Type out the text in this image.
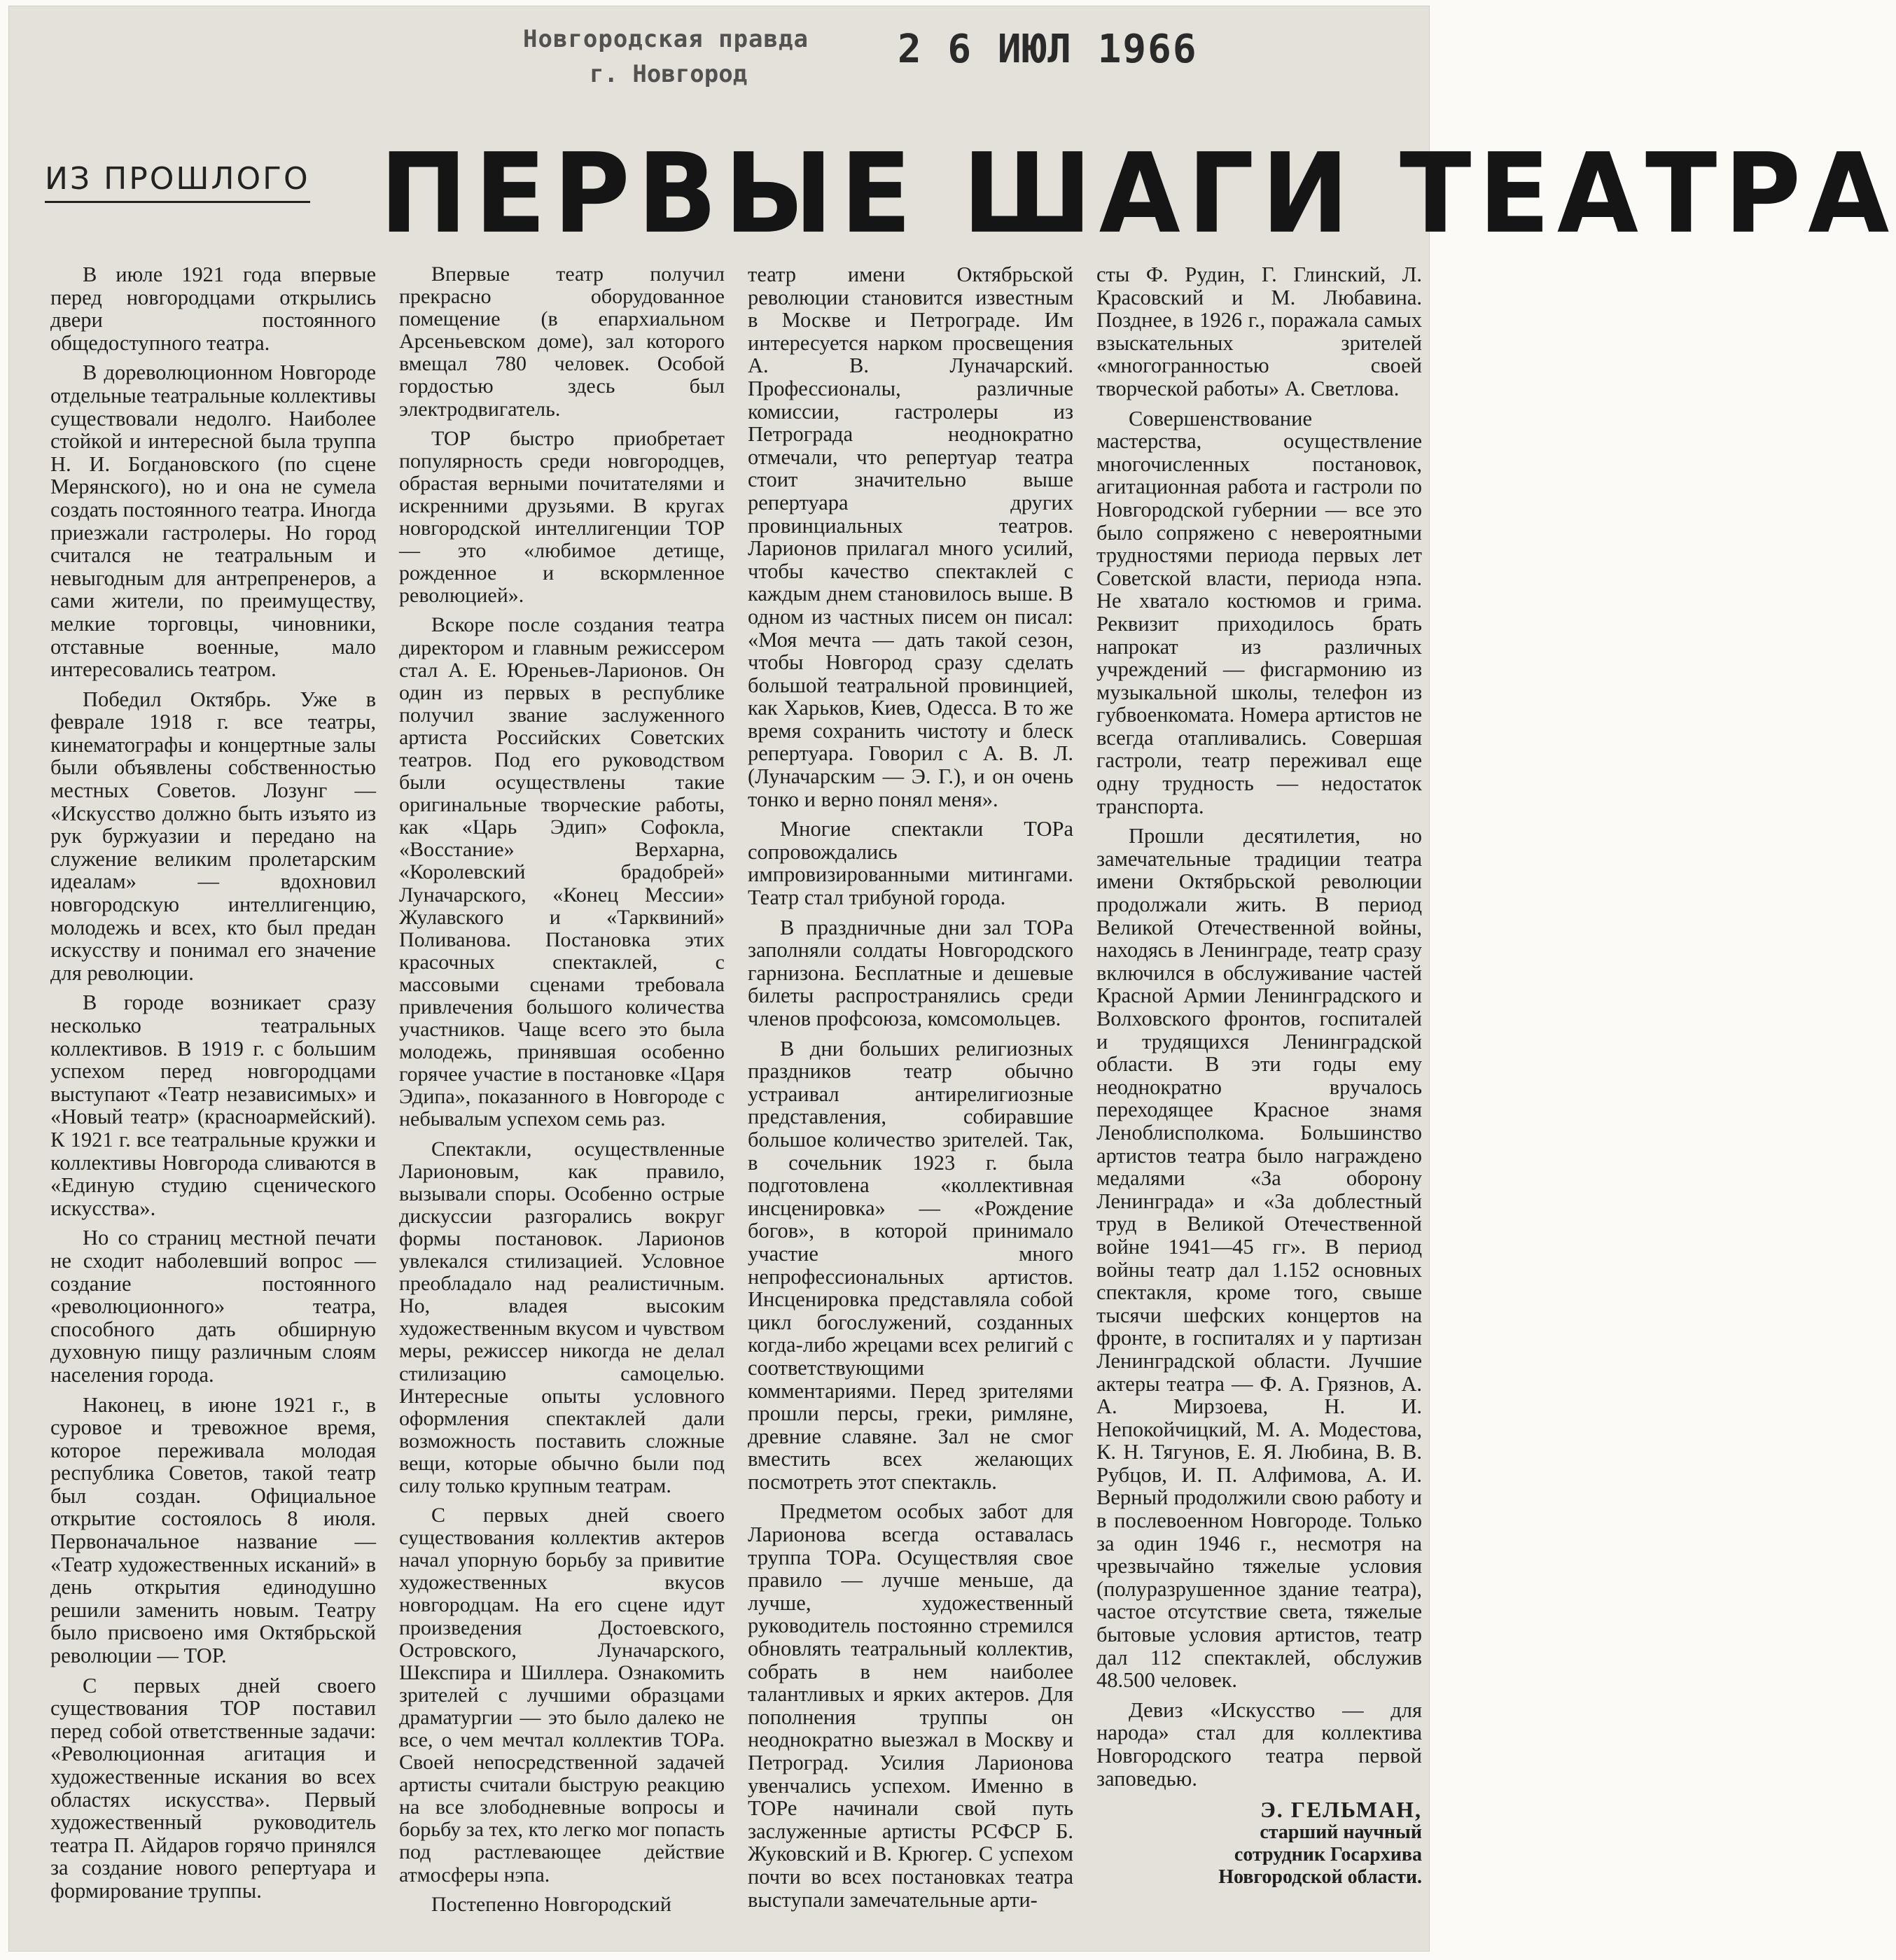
Новгородская правда
г. Новгород
2 6 ИЮЛ 1966
ИЗ ПРОШЛОГО ПЕРВЫЕ ШАГИ ТЕАТРА

В июле 1921 года впервые перед новгородцами открылись двери постоянного общедоступного театра.

В дореволюционном Новгороде отдельные театральные коллективы существовали недолго. Наиболее стойкой и интересной была труппа Н. И. Богдановского (по сцене Мерянского), но и она не сумела создать постоянного театра. Иногда приезжали гастролеры. Но город считался не театральным и невыгодным для антрепренеров, а сами жители, по преимуществу, мелкие торговцы, чиновники, отставные военные, мало интересовались театром.

Победил Октябрь. Уже в феврале 1918 г. все театры, кинематографы и концертные залы были объявлены собственностью местных Советов. Лозунг — «Искусство должно быть изъято из рук буржуазии и передано на служение великим пролетарским идеалам» — вдохновил новгородскую интеллигенцию, молодежь и всех, кто был предан искусству и понимал его значение для революции.

В городе возникает сразу несколько театральных коллективов. В 1919 г. с большим успехом перед новгородцами выступают «Театр независимых» и «Новый театр» (красноармейский). К 1921 г. все театральные кружки и коллективы Новгорода сливаются в «Единую студию сценического искусства».

Но со страниц местной печати не сходит наболевший вопрос — создание постоянного «революционного» театра, способного дать обширную духовную пищу различным слоям населения города.

Наконец, в июне 1921 г., в суровое и тревожное время, которое переживала молодая республика Советов, такой театр был создан. Официальное открытие состоялось 8 июля. Первоначальное название — «Театр художественных исканий» в день открытия единодушно решили заменить новым. Театру было присвоено имя Октябрьской революции — ТОР.

С первых дней своего существования ТОР поставил перед собой ответственные задачи: «Революционная агитация и художественные искания во всех областях искусства». Первый художественный руководитель театра П. Айдаров горячо принялся за создание нового репертуара и формирование труппы.

Впервые театр получил прекрасно оборудованное помещение (в епархиальном Арсеньевском доме), зал которого вмещал 780 человек. Особой гордостью здесь был электродвигатель.

ТОР быстро приобретает популярность среди новгородцев, обрастая верными почитателями и искренними друзьями. В кругах новгородской интеллигенции ТОР — это «любимое детище, рожденное и вскормленное революцией».

Вскоре после создания театра директором и главным режиссером стал А. Е. Юреньев-Ларионов. Он один из первых в республике получил звание заслуженного артиста Российских Советских театров. Под его руководством были осуществлены такие оригинальные творческие работы, как «Царь Эдип» Софокла, «Восстание» Верхарна, «Королевский брадобрей» Луначарского, «Конец Мессии» Жулавского и «Тарквиний» Поливанова. Постановка этих красочных спектаклей, с массовыми сценами требовала привлечения большого количества участников. Чаще всего это была молодежь, принявшая особенно горячее участие в постановке «Царя Эдипа», показанного в Новгороде с небывалым успехом семь раз.

Спектакли, осуществленные Ларионовым, как правило, вызывали споры. Особенно острые дискуссии разгорались вокруг формы постановок. Ларионов увлекался стилизацией. Условное преобладало над реалистичным. Но, владея высоким художественным вкусом и чувством меры, режиссер никогда не делал стилизацию самоцелью. Интересные опыты условного оформления спектаклей дали возможность поставить сложные вещи, которые обычно были под силу только крупным театрам.

С первых дней своего существования коллектив актеров начал упорную борьбу за привитие художественных вкусов новгородцам. На его сцене идут произведения Достоевского, Островского, Луначарского, Шекспира и Шиллера. Ознакомить зрителей с лучшими образцами драматургии — это было далеко не все, о чем мечтал коллектив ТОРа. Своей непосредственной задачей артисты считали быструю реакцию на все злободневные вопросы и борьбу за тех, кто легко мог попасть под растлевающее действие атмосферы нэпа.

Постепенно Новгородский

театр имени Октябрьской революции становится известным в Москве и Петрограде. Им интересуется нарком просвещения А. В. Луначарский. Профессионалы, различные комиссии, гастролеры из Петрограда неоднократно отмечали, что репертуар театра стоит значительно выше репертуара других провинциальных театров. Ларионов прилагал много усилий, чтобы качество спектаклей с каждым днем становилось выше. В одном из частных писем он писал: «Моя мечта — дать такой сезон, чтобы Новгород сразу сделать большой театральной провинцией, как Харьков, Киев, Одесса. В то же время сохранить чистоту и блеск репертуара. Говорил с А. В. Л. (Луначарским — Э. Г.), и он очень тонко и верно понял меня».

Многие спектакли ТОРа сопровождались импровизированными митингами. Театр стал трибуной города.

В праздничные дни зал ТОРа заполняли солдаты Новгородского гарнизона. Бесплатные и дешевые билеты распространялись среди членов профсоюза, комсомольцев.

В дни больших религиозных праздников театр обычно устраивал антирелигиозные представления, собиравшие большое количество зрителей. Так, в сочельник 1923 г. была подготовлена «коллективная инсценировка» — «Рождение богов», в которой принимало участие много непрофессиональных артистов. Инсценировка представляла собой цикл богослужений, созданных когда-либо жрецами всех религий с соответствующими комментариями. Перед зрителями прошли персы, греки, римляне, древние славяне. Зал не смог вместить всех желающих посмотреть этот спектакль.

Предметом особых забот для Ларионова всегда оставалась труппа ТОРа. Осуществляя свое правило — лучше меньше, да лучше, художественный руководитель постоянно стремился обновлять театральный коллектив, собрать в нем наиболее талантливых и ярких актеров. Для пополнения труппы он неоднократно выезжал в Москву и Петроград. Усилия Ларионова увенчались успехом. Именно в ТОРе начинали свой путь заслуженные артисты РСФСР Б. Жуковский и В. Крюгер. С успехом почти во всех постановках театра выступали замечательные арти-

сты Ф. Рудин, Г. Глинский, Л. Красовский и М. Любавина. Позднее, в 1926 г., поражала самых взыскательных зрителей «многогранностью своей творческой работы» А. Светлова.

Совершенствование мастерства, осуществление многочисленных постановок, агитационная работа и гастроли по Новгородской губернии — все это было сопряжено с невероятными трудностями периода первых лет Советской власти, периода нэпа. Не хватало костюмов и грима. Реквизит приходилось брать напрокат из различных учреждений — фисгармонию из музыкальной школы, телефон из губвоенкомата. Номера артистов не всегда отапливались. Совершая гастроли, театр переживал еще одну трудность — недостаток транспорта.

Прошли десятилетия, но замечательные традиции театра имени Октябрьской революции продолжали жить. В период Великой Отечественной войны, находясь в Ленинграде, театр сразу включился в обслуживание частей Красной Армии Ленинградского и Волховского фронтов, госпиталей и трудящихся Ленинградской области. В эти годы ему неоднократно вручалось переходящее Красное знамя Леноблисполкома. Большинство артистов театра было награждено медалями «За оборону Ленинграда» и «За доблестный труд в Великой Отечественной войне 1941—45 гг». В период войны театр дал 1.152 основных спектакля, кроме того, свыше тысячи шефских концертов на фронте, в госпиталях и у партизан Ленинградской области. Лучшие актеры театра — Ф. А. Грязнов, А. А. Мирзоева, Н. И. Непокойчицкий, М. А. Модестова, К. Н. Тягунов, Е. Я. Любина, В. В. Рубцов, И. П. Алфимова, А. И. Верный продолжили свою работу и в послевоенном Новгороде. Только за один 1946 г., несмотря на чрезвычайно тяжелые условия (полуразрушенное здание театра), частое отсутствие света, тяжелые бытовые условия артистов, театр дал 112 спектаклей, обслужив 48.500 человек.

Девиз «Искусство — для народа» стал для коллектива Новгородского театра первой заповедью.

Э. ГЕЛЬМАН,
старший научный
сотрудник Госархива
Новгородской области.
